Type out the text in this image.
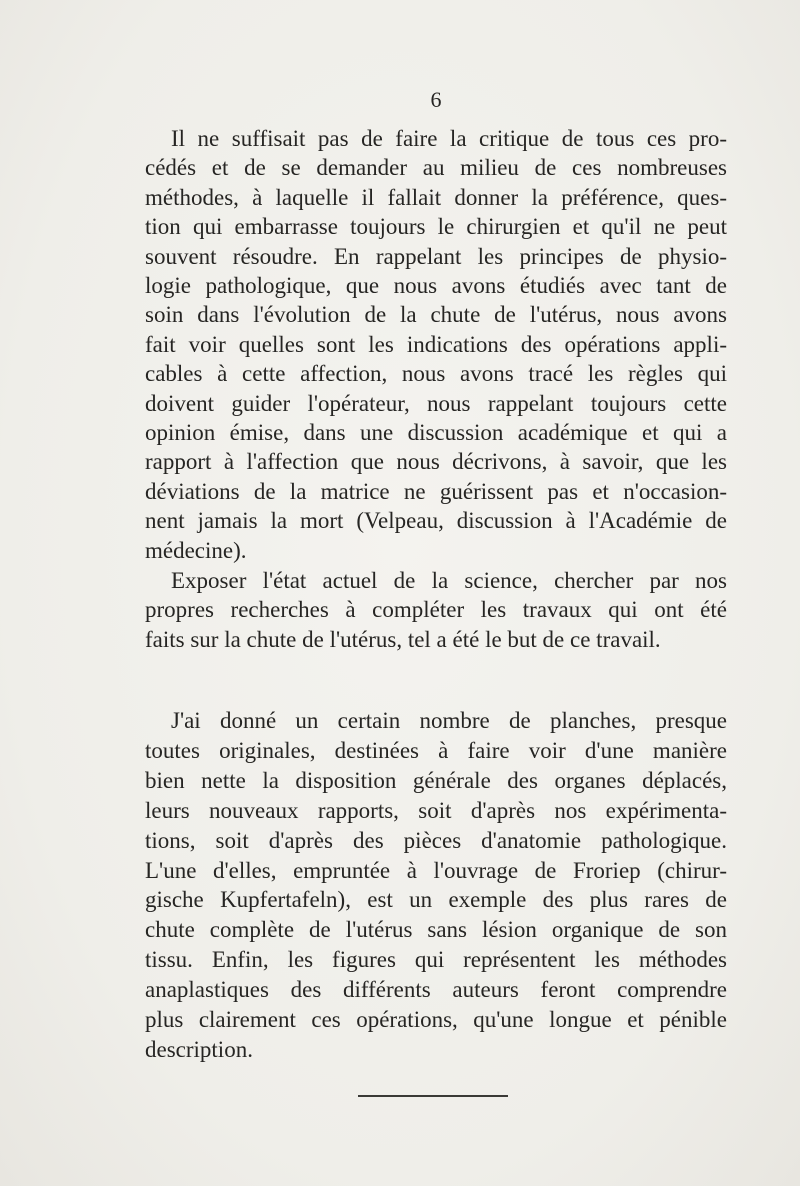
6

Il ne suffisait pas de faire la critique de tous ces pro-
cédés et de se demander au milieu de ces nombreuses
méthodes, à laquelle il fallait donner la préférence, ques-
tion qui embarrasse toujours le chirurgien et qu'il ne peut
souvent résoudre. En rappelant les principes de physio-
logie pathologique, que nous avons étudiés avec tant de
soin dans l'évolution de la chute de l'utérus, nous avons
fait voir quelles sont les indications des opérations appli-
cables à cette affection, nous avons tracé les règles qui
doivent guider l'opérateur, nous rappelant toujours cette
opinion émise, dans une discussion académique et qui a
rapport à l'affection que nous décrivons, à savoir, que les
déviations de la matrice ne guérissent pas et n'occasion-
nent jamais la mort (Velpeau, discussion à l'Académie de
médecine).

Exposer l'état actuel de la science, chercher par nos
propres recherches à compléter les travaux qui ont été
faits sur la chute de l'utérus, tel a été le but de ce travail.

J'ai donné un certain nombre de planches, presque
toutes originales, destinées à faire voir d'une manière
bien nette la disposition générale des organes déplacés,
leurs nouveaux rapports, soit d'après nos expérimenta-
tions, soit d'après des pièces d'anatomie pathologique.
L'une d'elles, empruntée à l'ouvrage de Froriep (chirur-
gische Kupfertafeln), est un exemple des plus rares de
chute complète de l'utérus sans lésion organique de son
tissu. Enfin, les figures qui représentent les méthodes
anaplastiques des différents auteurs feront comprendre
plus clairement ces opérations, qu'une longue et pénible
description.
